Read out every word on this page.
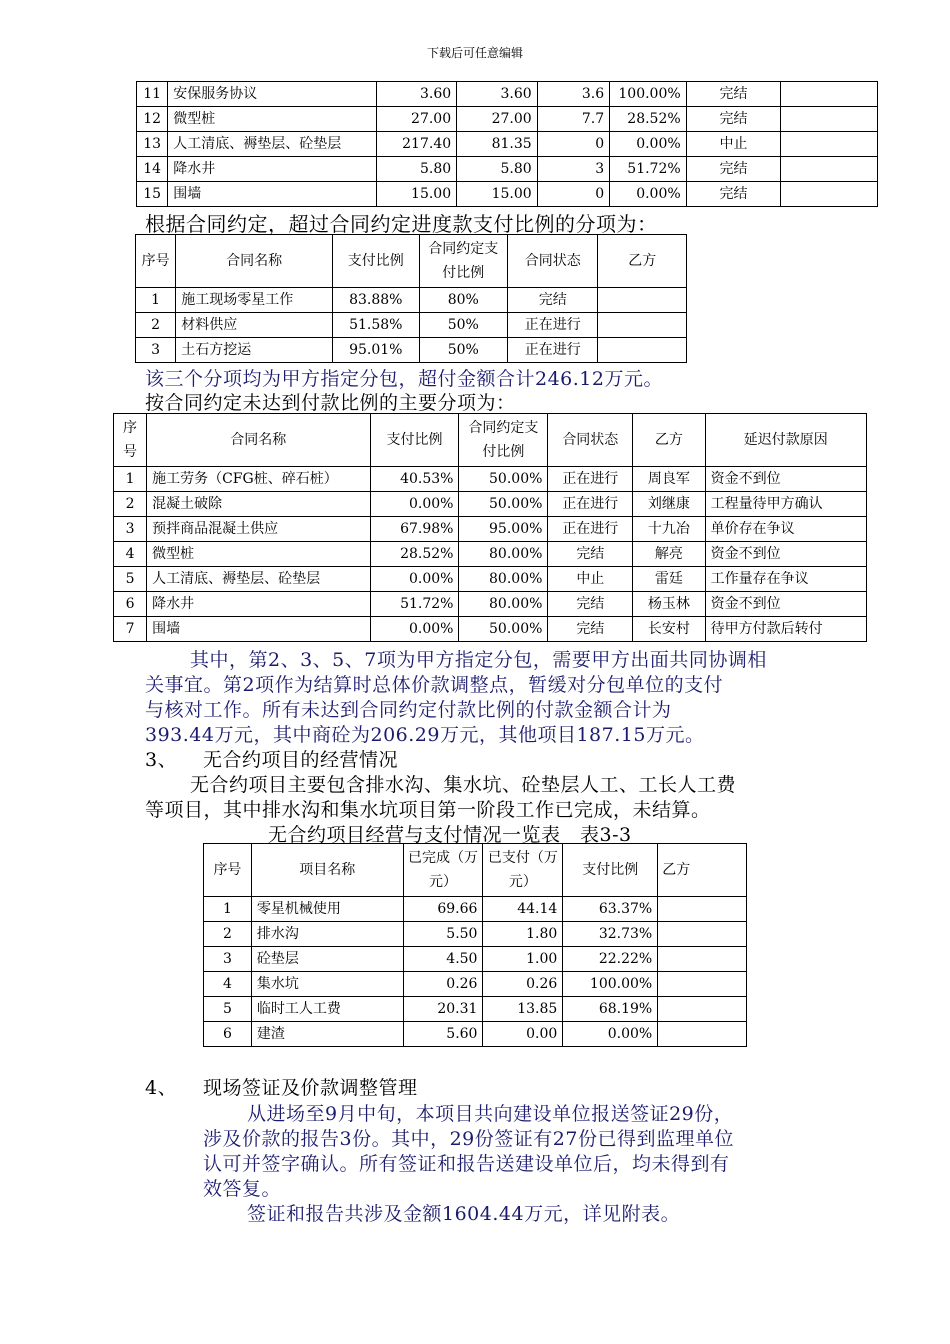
下载后可任意编辑
11	安保服务协议	3.60	3.60	3.6	100.00%	完结	
12	微型桩	27.00	27.00	7.7	28.52%	完结	
13	人工清底、褥垫层、砼垫层	217.40	81.35	0	0.00%	中止	
14	降水井	5.80	5.80	3	51.72%	完结	
15	围墙	15.00	15.00	0	0.00%	完结	
根据合同约定，超过合同约定进度款支付比例的分项为：
序号	合同名称	支付比例	合同约定支付比例	合同状态	乙方
1	施工现场零星工作	83.88%	80%	完结	
2	材料供应	51.58%	50%	正在进行	
3	土石方挖运	95.01%	50%	正在进行	
该三个分项均为甲方指定分包，超付金额合计246.12万元。
按合同约定未达到付款比例的主要分项为：
序号	合同名称	支付比例	合同约定支付比例	合同状态	乙方	延迟付款原因
1	施工劳务（CFG桩、碎石桩）	40.53%	50.00%	正在进行	周良军	资金不到位
2	混凝土破除	0.00%	50.00%	正在进行	刘继康	工程量待甲方确认
3	预拌商品混凝土供应	67.98%	95.00%	正在进行	十九冶	单价存在争议
4	微型桩	28.52%	80.00%	完结	解亮	资金不到位
5	人工清底、褥垫层、砼垫层	0.00%	80.00%	中止	雷廷	工作量存在争议
6	降水井	51.72%	80.00%	完结	杨玉林	资金不到位
7	围墙	0.00%	50.00%	完结	长安村	待甲方付款后转付
其中，第2、3、5、7项为甲方指定分包，需要甲方出面共同协调相
关事宜。第2项作为结算时总体价款调整点，暂缓对分包单位的支付
与核对工作。所有未达到合同约定付款比例的付款金额合计为
393.44万元，其中商砼为206.29万元，其他项目187.15万元。
3、 无合约项目的经营情况
无合约项目主要包含排水沟、集水坑、砼垫层人工、工长人工费
等项目，其中排水沟和集水坑项目第一阶段工作已完成，未结算。
无合约项目经营与支付情况一览表　表3-3
序号	项目名称	已完成（万元）	已支付（万元）	支付比例	乙方
1	零星机械使用	69.66	44.14	63.37%	
2	排水沟	5.50	1.80	32.73%	
3	砼垫层	4.50	1.00	22.22%	
4	集水坑	0.26	0.26	100.00%	
5	临时工人工费	20.31	13.85	68.19%	
6	建渣	5.60	0.00	0.00%	
4、 现场签证及价款调整管理
从进场至9月中旬，本项目共向建设单位报送签证29份，
涉及价款的报告3份。其中，29份签证有27份已得到监理单位
认可并签字确认。所有签证和报告送建设单位后，均未得到有
效答复。
签证和报告共涉及金额1604.44万元，详见附表。
